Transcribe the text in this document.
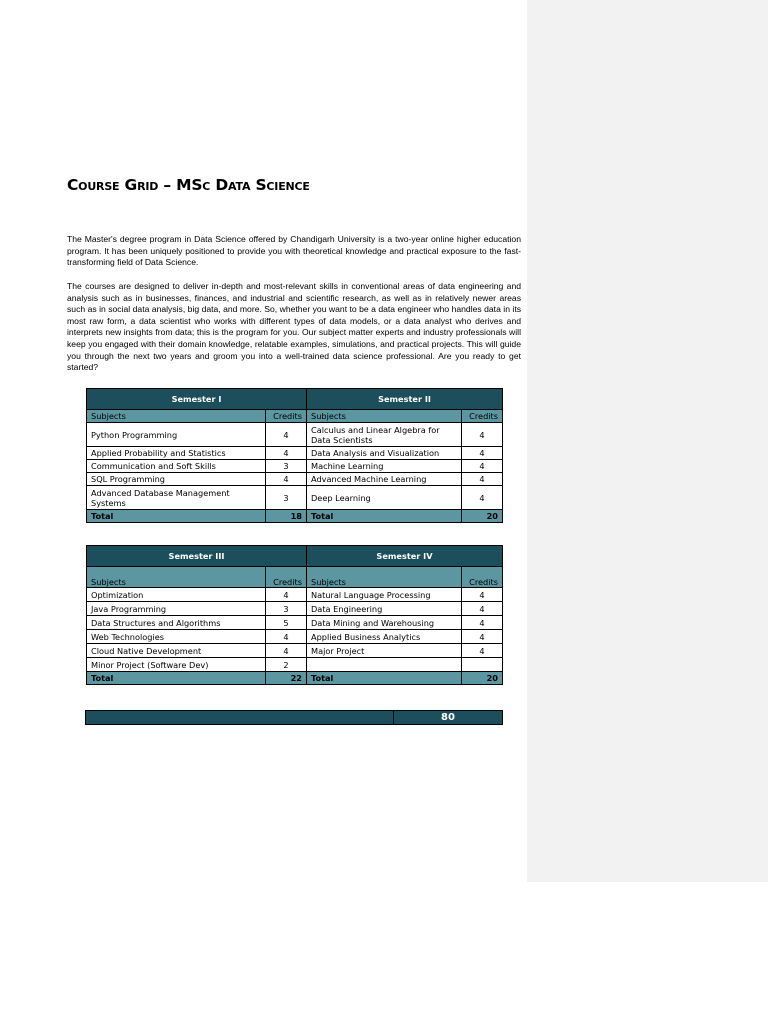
Course Grid – MSc Data Science

The Master's degree program in Data Science offered by Chandigarh University is a two-year online higher education program. It has been uniquely positioned to provide you with theoretical knowledge and practical exposure to the fast- transforming field of Data Science.

The courses are designed to deliver in-depth and most-relevant skills in conventional areas of data engineering and analysis such as in businesses, finances, and industrial and scientific research, as well as in relatively newer areas such as in social data analysis, big data, and more. So, whether you want to be a data engineer who handles data in its most raw form, a data scientist who works with different types of data models, or a data analyst who derives and interprets new insights from data; this is the program for you. Our subject matter experts and industry professionals will keep you engaged with their domain knowledge, relatable examples, simulations, and practical projects. This will guide you through the next two years and groom you into a well-trained data science professional. Are you ready to get started?

Semester I		Semester II	
Subjects	Credits	Subjects	Credits
Python Programming	4	Calculus and Linear Algebra for Data Scientists	4
Applied Probability and Statistics	4	Data Analysis and Visualization	4
Communication and Soft Skills	3	Machine Learning	4
SQL Programming	4	Advanced Machine Learning	4
Advanced Database Management Systems	3	Deep Learning	4
Total	18	Total	20
Semester III		Semester IV	
Subjects	Credits	Subjects	Credits
Optimization	4	Natural Language Processing	4
Java Programming	3	Data Engineering	4
Data Structures and Algorithms	5	Data Mining and Warehousing	4
Web Technologies	4	Applied Business Analytics	4
Cloud Native Development	4	Major Project	4
Minor Project (Software Dev)	2		
Total	22	Total	20
	80
